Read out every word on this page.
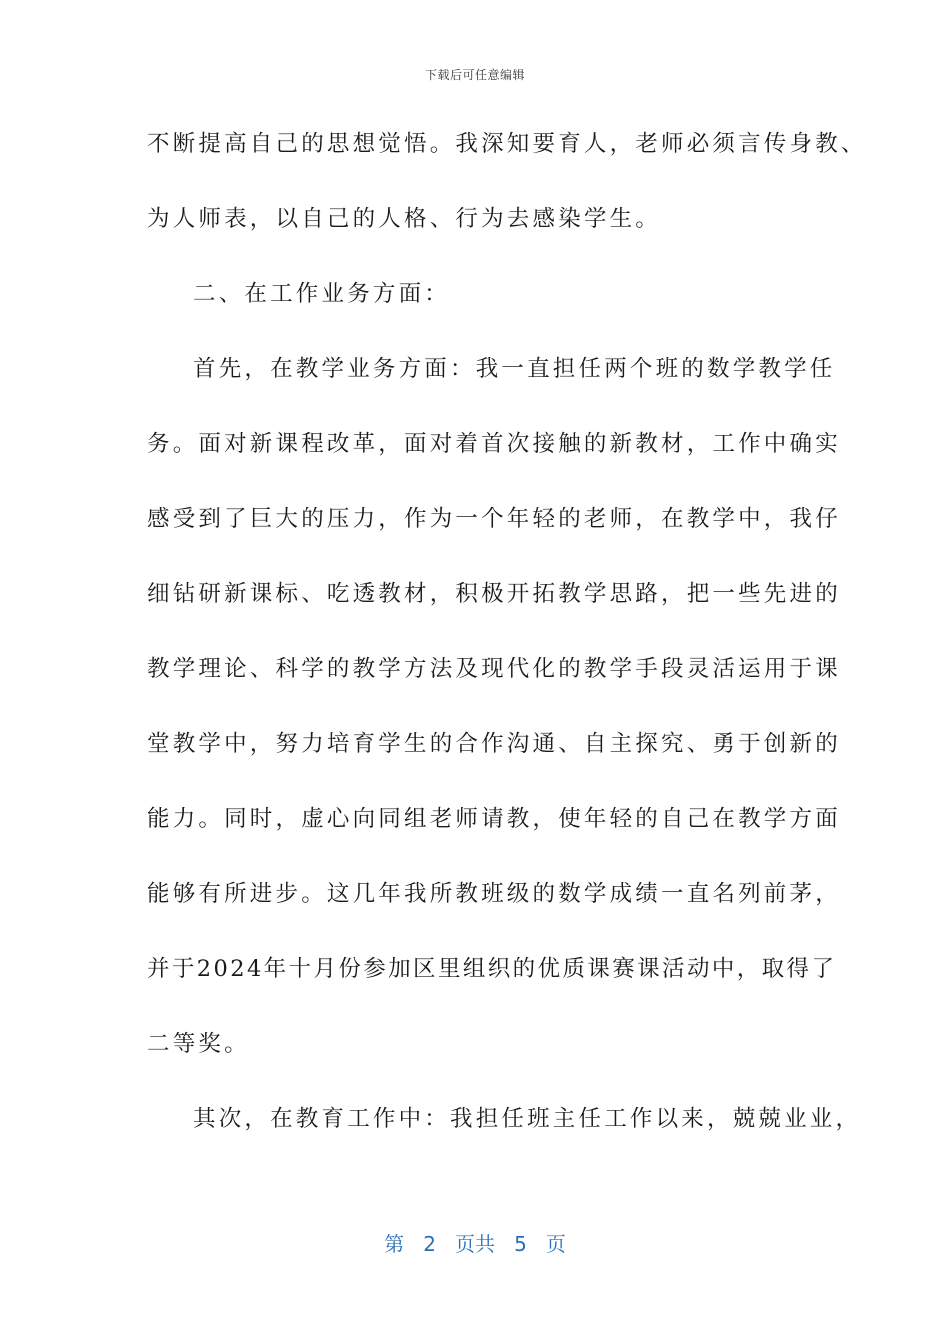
下载后可任意编辑
不断提高自己的思想觉悟。我深知要育人，老师必须言传身教、
为人师表，以自己的人格、行为去感染学生。
二、在工作业务方面：
首先，在教学业务方面：我一直担任两个班的数学教学任
务。面对新课程改革，面对着首次接触的新教材，工作中确实
感受到了巨大的压力，作为一个年轻的老师，在教学中，我仔
细钻研新课标、吃透教材，积极开拓教学思路，把一些先进的
教学理论、科学的教学方法及现代化的教学手段灵活运用于课
堂教学中，努力培育学生的合作沟通、自主探究、勇于创新的
能力。同时，虚心向同组老师请教，使年轻的自己在教学方面
能够有所进步。这几年我所教班级的数学成绩一直名列前茅，
并于2024年十月份参加区里组织的优质课赛课活动中，取得了
二等奖。
其次，在教育工作中：我担任班主任工作以来，兢兢业业，
第 2 页共 5 页
